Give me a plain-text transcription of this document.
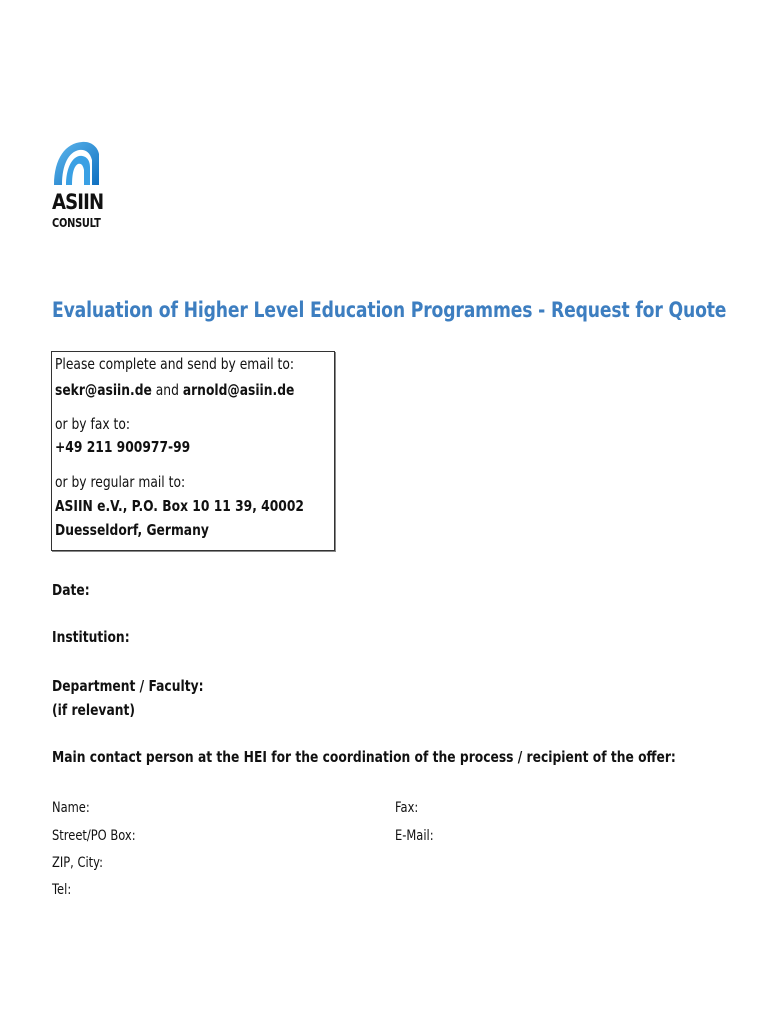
ASIIN
CONSULT
Evaluation of Higher Level Education Programmes - Request for Quote
Please complete and send by email to:
sekr@asiin.de and arnold@asiin.de
or by fax to:
+49 211 900977-99
or by regular mail to:
ASIIN e.V., P.O. Box 10 11 39, 40002
Duesseldorf, Germany
Date:
Institution:
Department / Faculty:
(if relevant)
Main contact person at the HEI for the coordination of the process / recipient of the offer:
Name:
Street/PO Box:
ZIP, City:
Tel:
Fax:
E-Mail:
